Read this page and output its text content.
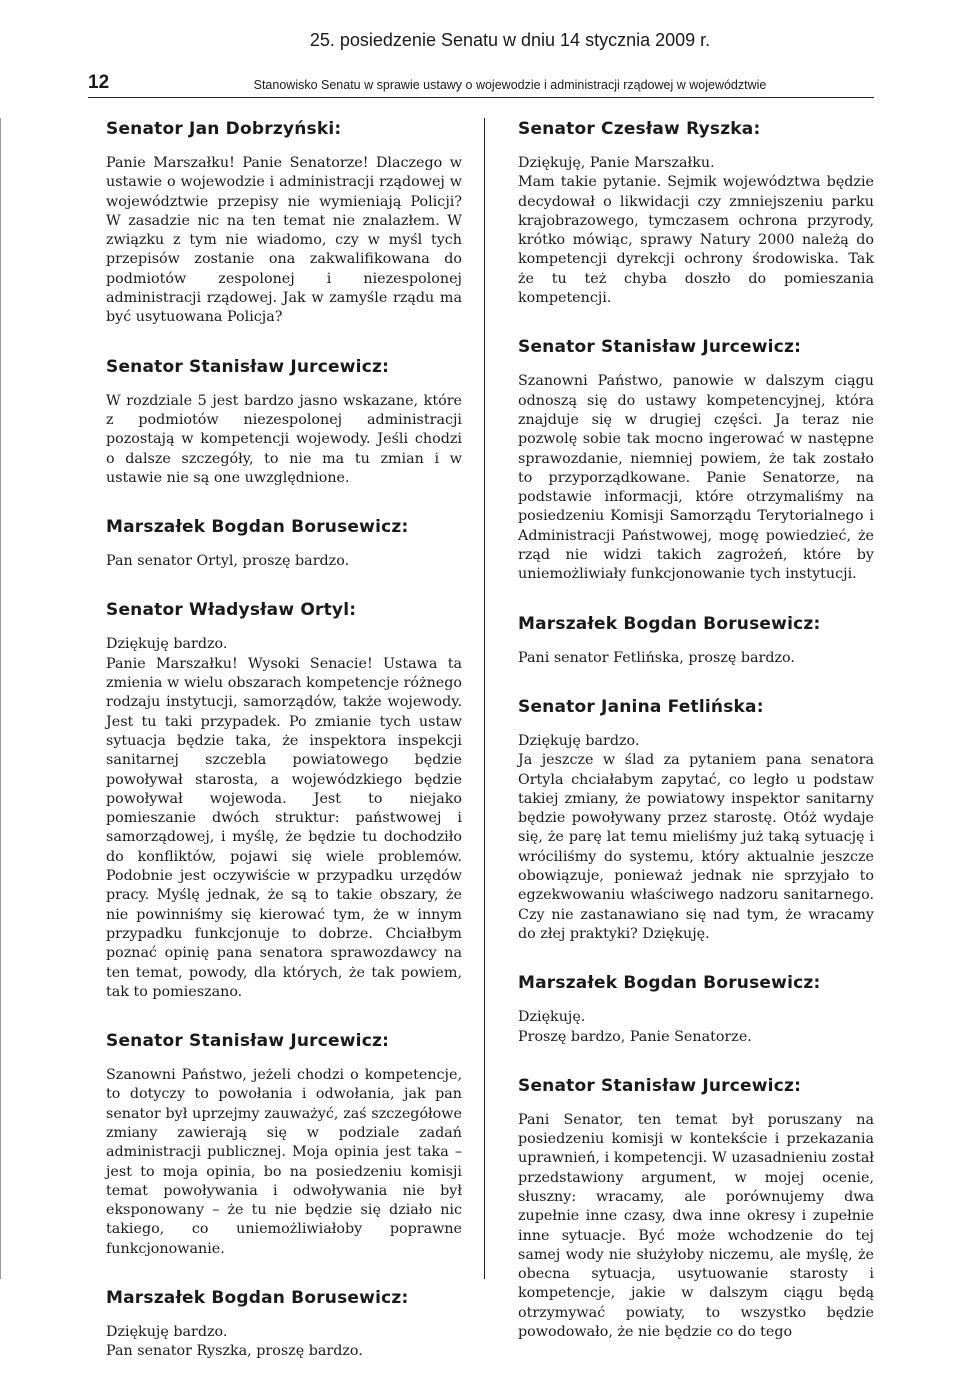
25. posiedzenie Senatu w dniu 14 stycznia 2009 r.
12	Stanowisko Senatu w sprawie ustawy o wojewodzie i administracji rządowej w województwie
Senator Jan Dobrzyński:

Panie Marszałku! Panie Senatorze! Dlaczego w ustawie o wojewodzie i administracji rządowej w województwie przepisy nie wymieniają Policji? W zasadzie nic na ten temat nie znalazłem. W związku z tym nie wiadomo, czy w myśl tych przepisów zostanie ona zakwalifikowana do podmiotów zespolonej i niezespolonej administracji rządowej. Jak w zamyśle rządu ma być usytuowana Policja?

Senator Stanisław Jurcewicz:

W rozdziale 5 jest bardzo jasno wskazane, które z podmiotów niezespolonej administracji pozostają w kompetencji wojewody. Jeśli chodzi o dalsze szczegóły, to nie ma tu zmian i w ustawie nie są one uwzględnione.

Marszałek Bogdan Borusewicz:

Pan senator Ortyl, proszę bardzo.

Senator Władysław Ortyl:

Dziękuję bardzo.

Panie Marszałku! Wysoki Senacie! Ustawa ta zmienia w wielu obszarach kompetencje różnego rodzaju instytucji, samorządów, także wojewody. Jest tu taki przypadek. Po zmianie tych ustaw sytuacja będzie taka, że inspektora inspekcji sanitarnej szczebla powiatowego będzie powoływał starosta, a wojewódzkiego będzie powoływał wojewoda. Jest to niejako pomieszanie dwóch struktur: państwowej i samorządowej, i myślę, że będzie tu dochodziło do konfliktów, pojawi się wiele problemów. Podobnie jest oczywiście w przypadku urzędów pracy. Myślę jednak, że są to takie obszary, że nie powinniśmy się kierować tym, że w innym przypadku funkcjonuje to dobrze. Chciałbym poznać opinię pana senatora sprawozdawcy na ten temat, powody, dla których, że tak powiem, tak to pomieszano.

Senator Stanisław Jurcewicz:

Szanowni Państwo, jeżeli chodzi o kompetencje, to dotyczy to powołania i odwołania, jak pan senator był uprzejmy zauważyć, zaś szczegółowe zmiany zawierają się w podziale zadań administracji publicznej. Moja opinia jest taka – jest to moja opinia, bo na posiedzeniu komisji temat powoływania i odwoływania nie był eksponowany – że tu nie będzie się działo nic takiego, co uniemożliwiałoby poprawne funkcjonowanie.

Marszałek Bogdan Borusewicz:

Dziękuję bardzo.

Pan senator Ryszka, proszę bardzo.

Senator Czesław Ryszka:

Dziękuję, Panie Marszałku.

Mam takie pytanie. Sejmik województwa będzie decydował o likwidacji czy zmniejszeniu parku krajobrazowego, tymczasem ochrona przyrody, krótko mówiąc, sprawy Natury 2000 należą do kompetencji dyrekcji ochrony środowiska. Tak że tu też chyba doszło do pomieszania kompetencji.

Senator Stanisław Jurcewicz:

Szanowni Państwo, panowie w dalszym ciągu odnoszą się do ustawy kompetencyjnej, która znajduje się w drugiej części. Ja teraz nie pozwolę sobie tak mocno ingerować w następne sprawozdanie, niemniej powiem, że tak zostało to przyporządkowane. Panie Senatorze, na podstawie informacji, które otrzymaliśmy na posiedzeniu Komisji Samorządu Terytorialnego i Administracji Państwowej, mogę powiedzieć, że rząd nie widzi takich zagrożeń, które by uniemożliwiały funkcjonowanie tych instytucji.

Marszałek Bogdan Borusewicz:

Pani senator Fetlińska, proszę bardzo.

Senator Janina Fetlińska:

Dziękuję bardzo.

Ja jeszcze w ślad za pytaniem pana senatora Ortyla chciałabym zapytać, co legło u podstaw takiej zmiany, że powiatowy inspektor sanitarny będzie powoływany przez starostę. Otóż wydaje się, że parę lat temu mieliśmy już taką sytuację i wróciliśmy do systemu, który aktualnie jeszcze obowiązuje, ponieważ jednak nie sprzyjało to egzekwowaniu właściwego nadzoru sanitarnego. Czy nie zastanawiano się nad tym, że wracamy do złej praktyki? Dziękuję.

Marszałek Bogdan Borusewicz:

Dziękuję.

Proszę bardzo, Panie Senatorze.

Senator Stanisław Jurcewicz:

Pani Senator, ten temat był poruszany na posiedzeniu komisji w kontekście i przekazania uprawnień, i kompetencji. W uzasadnieniu został przedstawiony argument, w mojej ocenie, słuszny: wracamy, ale porównujemy dwa zupełnie inne czasy, dwa inne okresy i zupełnie inne sytuacje. Być może wchodzenie do tej samej wody nie służyłoby niczemu, ale myślę, że obecna sytuacja, usytuowanie starosty i kompetencje, jakie w dalszym ciągu będą otrzymywać powiaty, to wszystko będzie powodowało, że nie będzie co do tego
